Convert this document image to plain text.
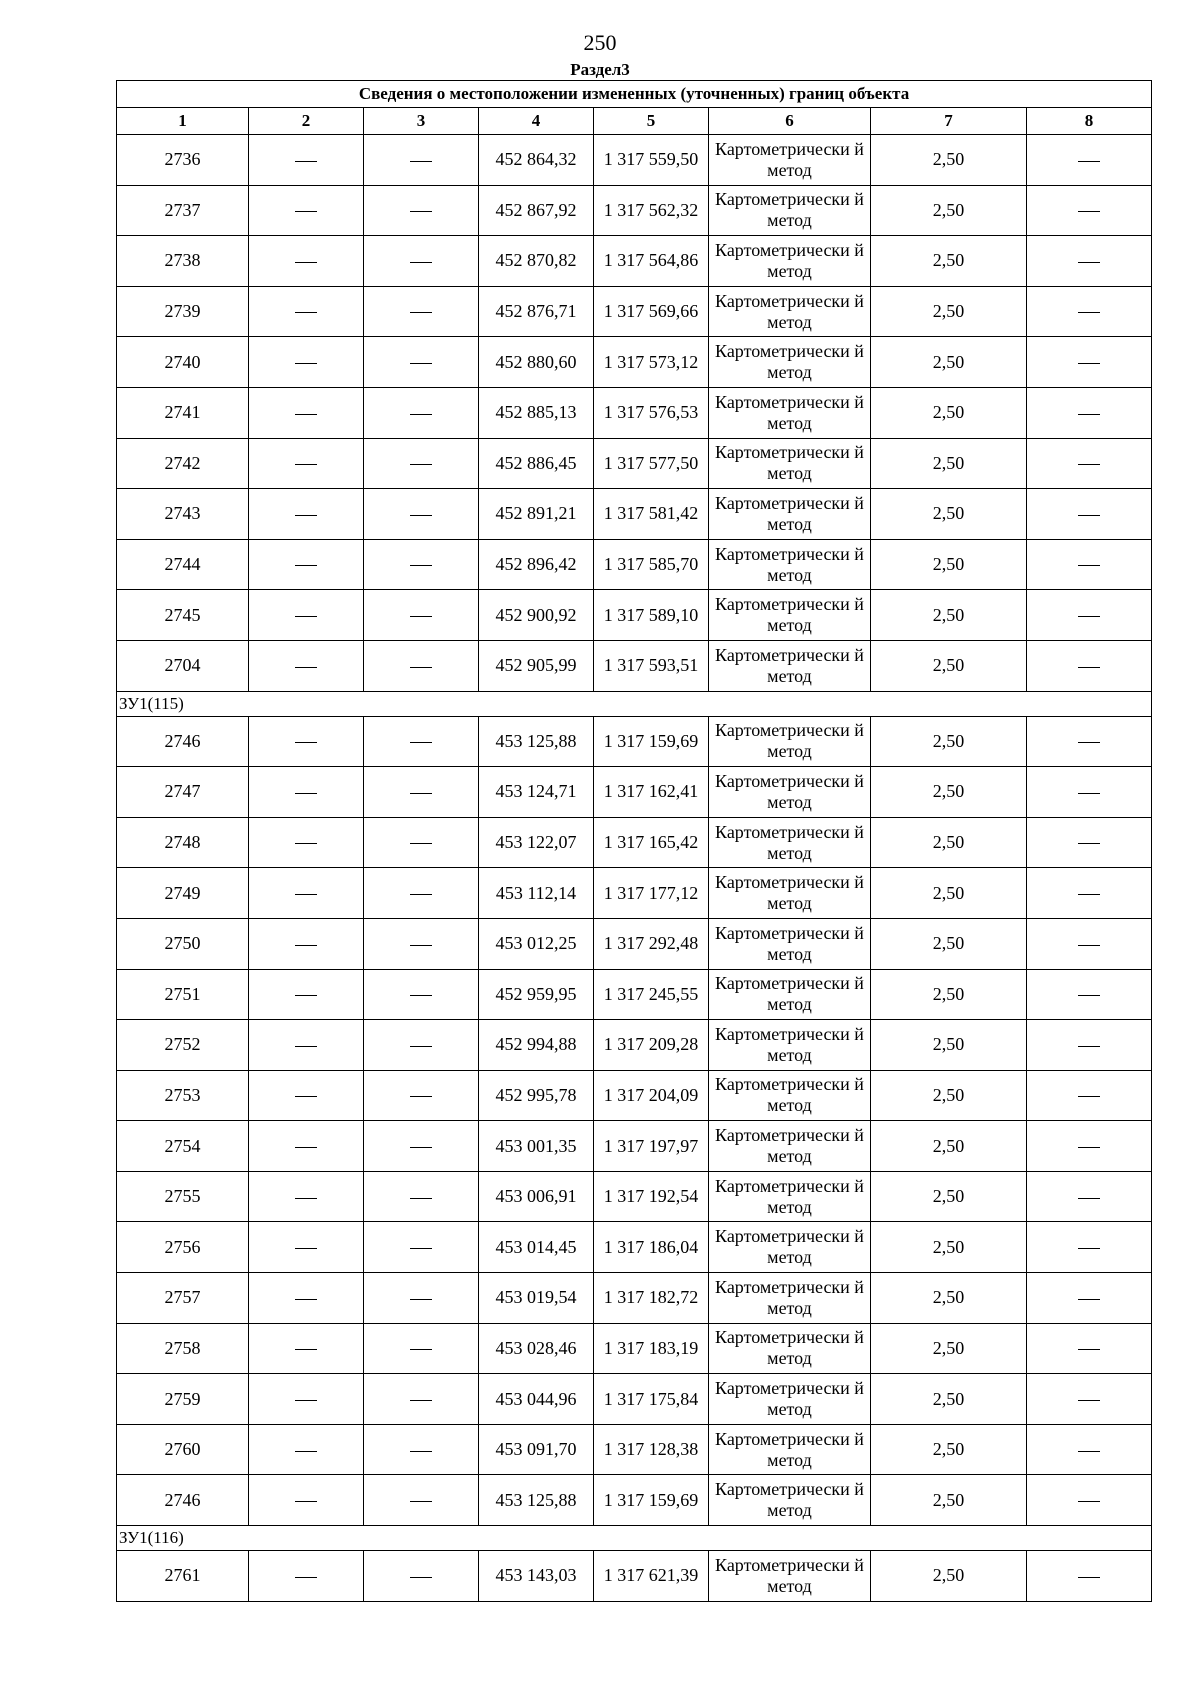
250
Раздел3
Сведения о местоположении измененных (уточненных) границ объекта							
1	2	3	4	5	6	7	8
2736			452 864,32	1 317 559,50	Картометрически й метод	2,50	
2737			452 867,92	1 317 562,32	Картометрически й метод	2,50	
2738			452 870,82	1 317 564,86	Картометрически й метод	2,50	
2739			452 876,71	1 317 569,66	Картометрически й метод	2,50	
2740			452 880,60	1 317 573,12	Картометрически й метод	2,50	
2741			452 885,13	1 317 576,53	Картометрически й метод	2,50	
2742			452 886,45	1 317 577,50	Картометрически й метод	2,50	
2743			452 891,21	1 317 581,42	Картометрически й метод	2,50	
2744			452 896,42	1 317 585,70	Картометрически й метод	2,50	
2745			452 900,92	1 317 589,10	Картометрически й метод	2,50	
2704			452 905,99	1 317 593,51	Картометрически й метод	2,50	
ЗУ1(115)							
2746			453 125,88	1 317 159,69	Картометрически й метод	2,50	
2747			453 124,71	1 317 162,41	Картометрически й метод	2,50	
2748			453 122,07	1 317 165,42	Картометрически й метод	2,50	
2749			453 112,14	1 317 177,12	Картометрически й метод	2,50	
2750			453 012,25	1 317 292,48	Картометрически й метод	2,50	
2751			452 959,95	1 317 245,55	Картометрически й метод	2,50	
2752			452 994,88	1 317 209,28	Картометрически й метод	2,50	
2753			452 995,78	1 317 204,09	Картометрически й метод	2,50	
2754			453 001,35	1 317 197,97	Картометрически й метод	2,50	
2755			453 006,91	1 317 192,54	Картометрически й метод	2,50	
2756			453 014,45	1 317 186,04	Картометрически й метод	2,50	
2757			453 019,54	1 317 182,72	Картометрически й метод	2,50	
2758			453 028,46	1 317 183,19	Картометрически й метод	2,50	
2759			453 044,96	1 317 175,84	Картометрически й метод	2,50	
2760			453 091,70	1 317 128,38	Картометрически й метод	2,50	
2746			453 125,88	1 317 159,69	Картометрически й метод	2,50	
ЗУ1(116)							
2761			453 143,03	1 317 621,39	Картометрически й метод	2,50	
